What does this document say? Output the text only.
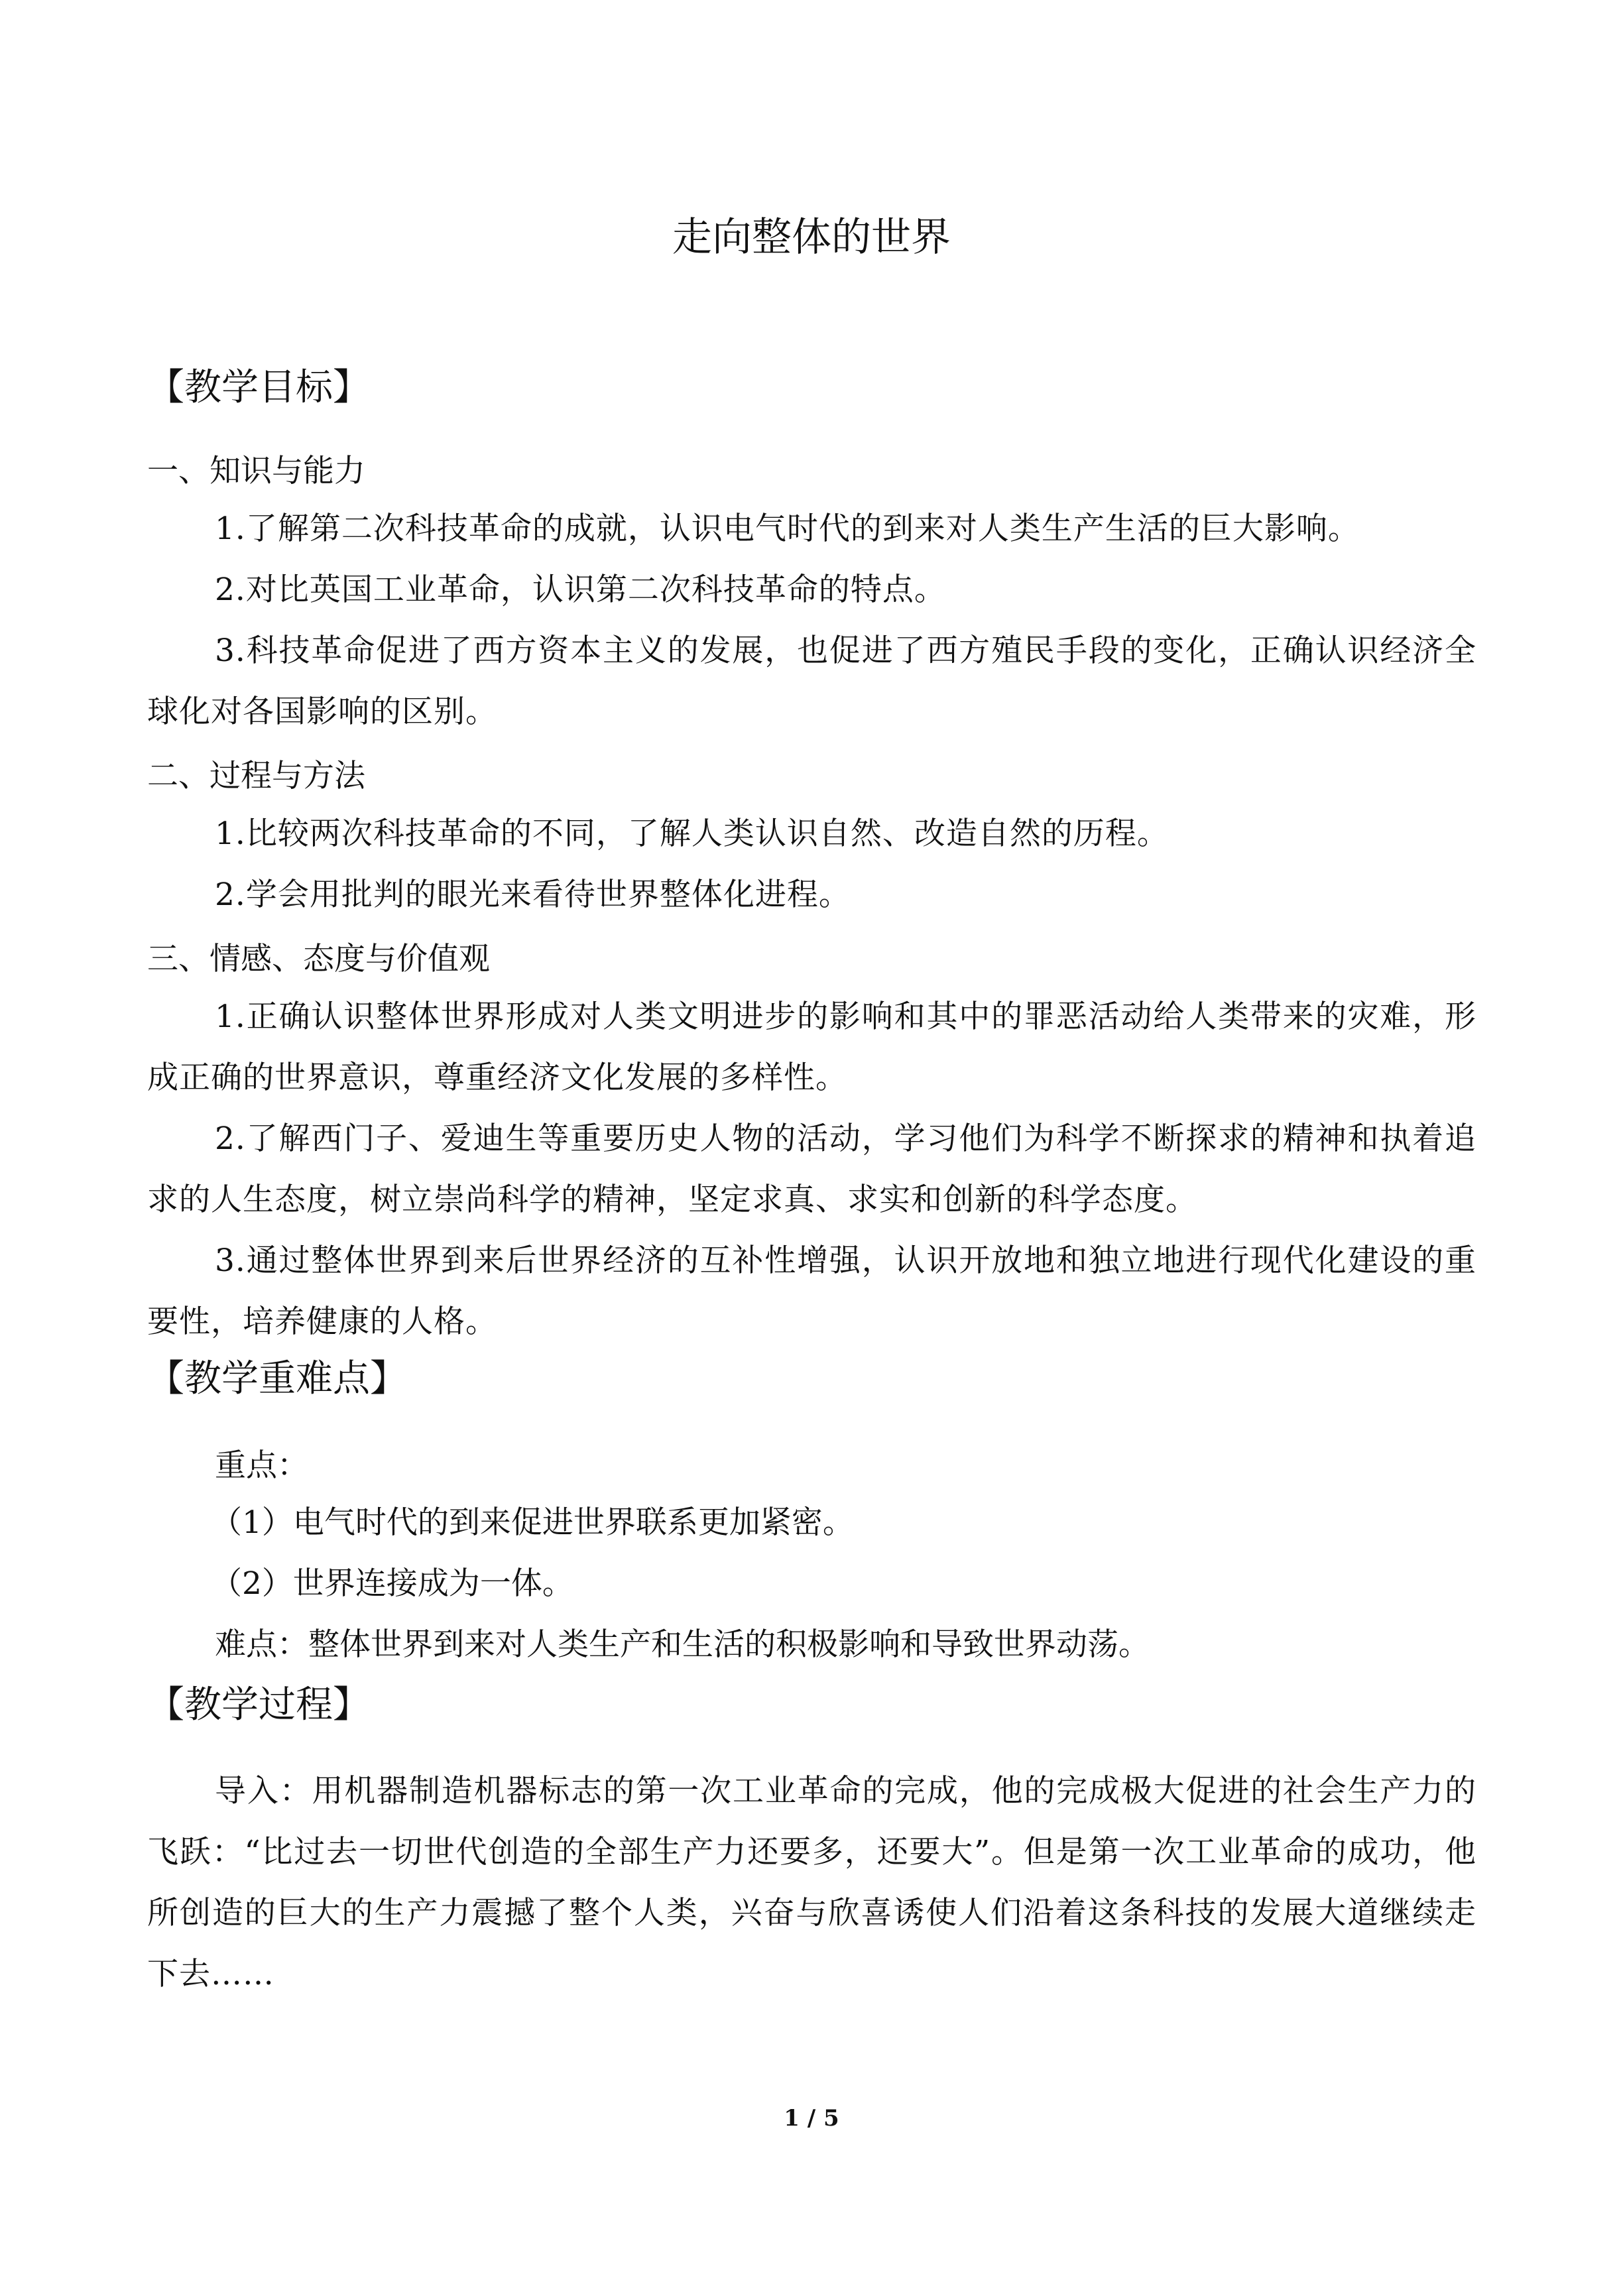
走向整体的世界
【教学目标】

一、知识与能力

1.了解第二次科技革命的成就，认识电气时代的到来对人类生产生活的巨大影响。

2.对比英国工业革命，认识第二次科技革命的特点。

3.科技革命促进了西方资本主义的发展，也促进了西方殖民手段的变化，正确认识经济全球化对各国影响的区别。

二、过程与方法

1.比较两次科技革命的不同，了解人类认识自然、改造自然的历程。

2.学会用批判的眼光来看待世界整体化进程。

三、情感、态度与价值观

1.正确认识整体世界形成对人类文明进步的影响和其中的罪恶活动给人类带来的灾难，形成正确的世界意识，尊重经济文化发展的多样性。

2.了解西门子、爱迪生等重要历史人物的活动，学习他们为科学不断探求的精神和执着追求的人生态度，树立崇尚科学的精神，坚定求真、求实和创新的科学态度。

3.通过整体世界到来后世界经济的互补性增强，认识开放地和独立地进行现代化建设的重要性，培养健康的人格。

【教学重难点】

重点：

（1）电气时代的到来促进世界联系更加紧密。

（2）世界连接成为一体。

难点：整体世界到来对人类生产和生活的积极影响和导致世界动荡。

【教学过程】

导入：用机器制造机器标志的第一次工业革命的完成，他的完成极大促进的社会生产力的飞跃：“比过去一切世代创造的全部生产力还要多，还要大”。但是第一次工业革命的成功，他所创造的巨大的生产力震撼了整个人类，兴奋与欣喜诱使人们沿着这条科技的发展大道继续走下去……

1 / 5
